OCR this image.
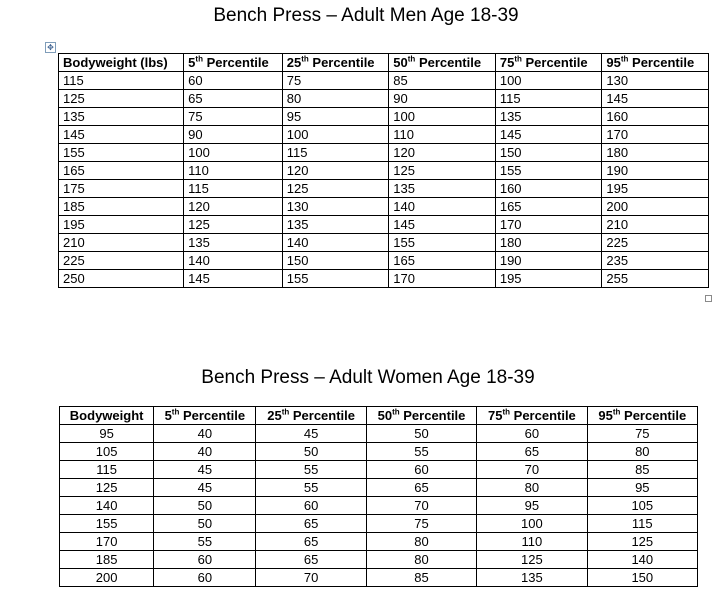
Bench Press – Adult Men Age 18-39
✥
Bodyweight (lbs)	5th Percentile	25th Percentile	50th Percentile	75th Percentile	95th Percentile
115	60	75	85	100	130
125	65	80	90	115	145
135	75	95	100	135	160
145	90	100	110	145	170
155	100	115	120	150	180
165	110	120	125	155	190
175	115	125	135	160	195
185	120	130	140	165	200
195	125	135	145	170	210
210	135	140	155	180	225
225	140	150	165	190	235
250	145	155	170	195	255
Bench Press – Adult Women Age 18-39
Bodyweight	5th Percentile	25th Percentile	50th Percentile	75th Percentile	95th Percentile
95	40	45	50	60	75
105	40	50	55	65	80
115	45	55	60	70	85
125	45	55	65	80	95
140	50	60	70	95	105
155	50	65	75	100	115
170	55	65	80	110	125
185	60	65	80	125	140
200	60	70	85	135	150
